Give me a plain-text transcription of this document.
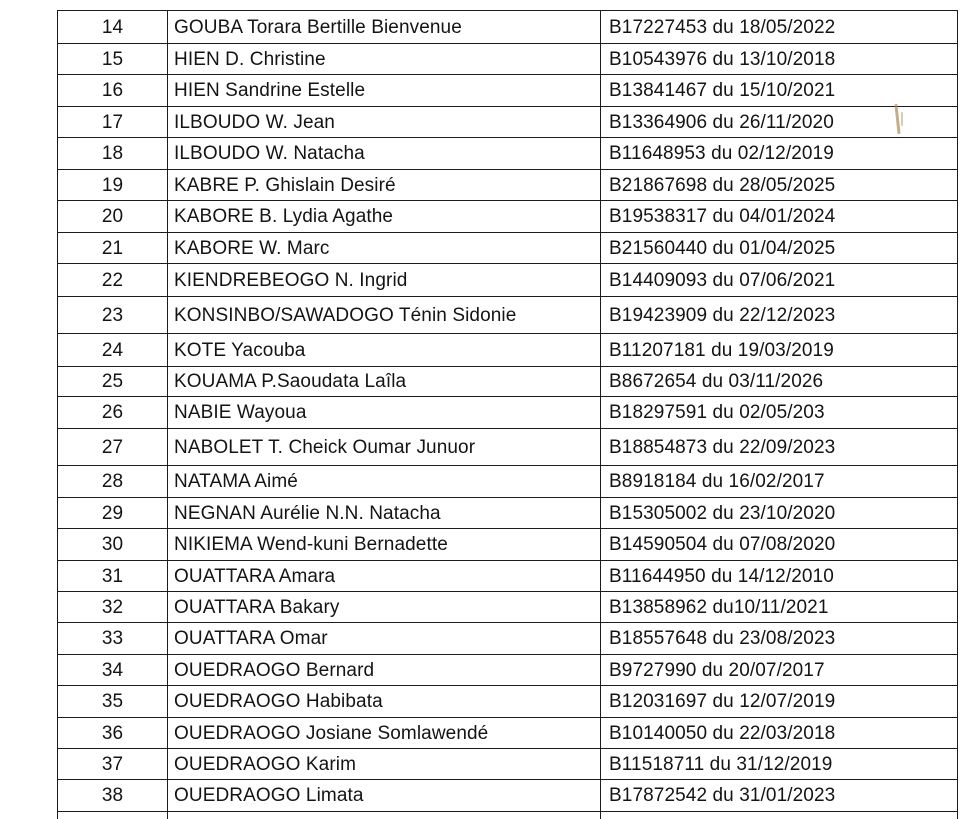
14	GOUBA Torara Bertille Bienvenue	B17227453 du 18/05/2022
15	HIEN D. Christine	B10543976 du 13/10/2018
16	HIEN Sandrine Estelle	B13841467 du 15/10/2021
17	ILBOUDO W. Jean	B13364906 du 26/11/2020
18	ILBOUDO W. Natacha	B11648953 du 02/12/2019
19	KABRE P. Ghislain Desiré	B21867698 du 28/05/2025
20	KABORE B. Lydia Agathe	B19538317 du 04/01/2024
21	KABORE W. Marc	B21560440 du 01/04/2025
22	KIENDREBEOGO N. Ingrid	B14409093 du 07/06/2021
23	KONSINBO/SAWADOGO Ténin Sidonie	B19423909 du 22/12/2023
24	KOTE Yacouba	B11207181 du 19/03/2019
25	KOUAMA P.Saoudata Laîla	B8672654 du 03/11/2026
26	NABIE Wayoua	B18297591 du 02/05/203
27	NABOLET T. Cheick Oumar Junuor	B18854873 du 22/09/2023
28	NATAMA Aimé	B8918184 du 16/02/2017
29	NEGNAN Aurélie N.N. Natacha	B15305002 du 23/10/2020
30	NIKIEMA Wend-kuni Bernadette	B14590504 du 07/08/2020
31	OUATTARA Amara	B11644950 du 14/12/2010
32	OUATTARA Bakary	B13858962 du10/11/2021
33	OUATTARA Omar	B18557648 du 23/08/2023
34	OUEDRAOGO Bernard	B9727990 du 20/07/2017
35	OUEDRAOGO Habibata	B12031697 du 12/07/2019
36	OUEDRAOGO Josiane Somlawendé	B10140050 du 22/03/2018
37	OUEDRAOGO Karim	B11518711 du 31/12/2019
38	OUEDRAOGO Limata	B17872542 du 31/01/2023
